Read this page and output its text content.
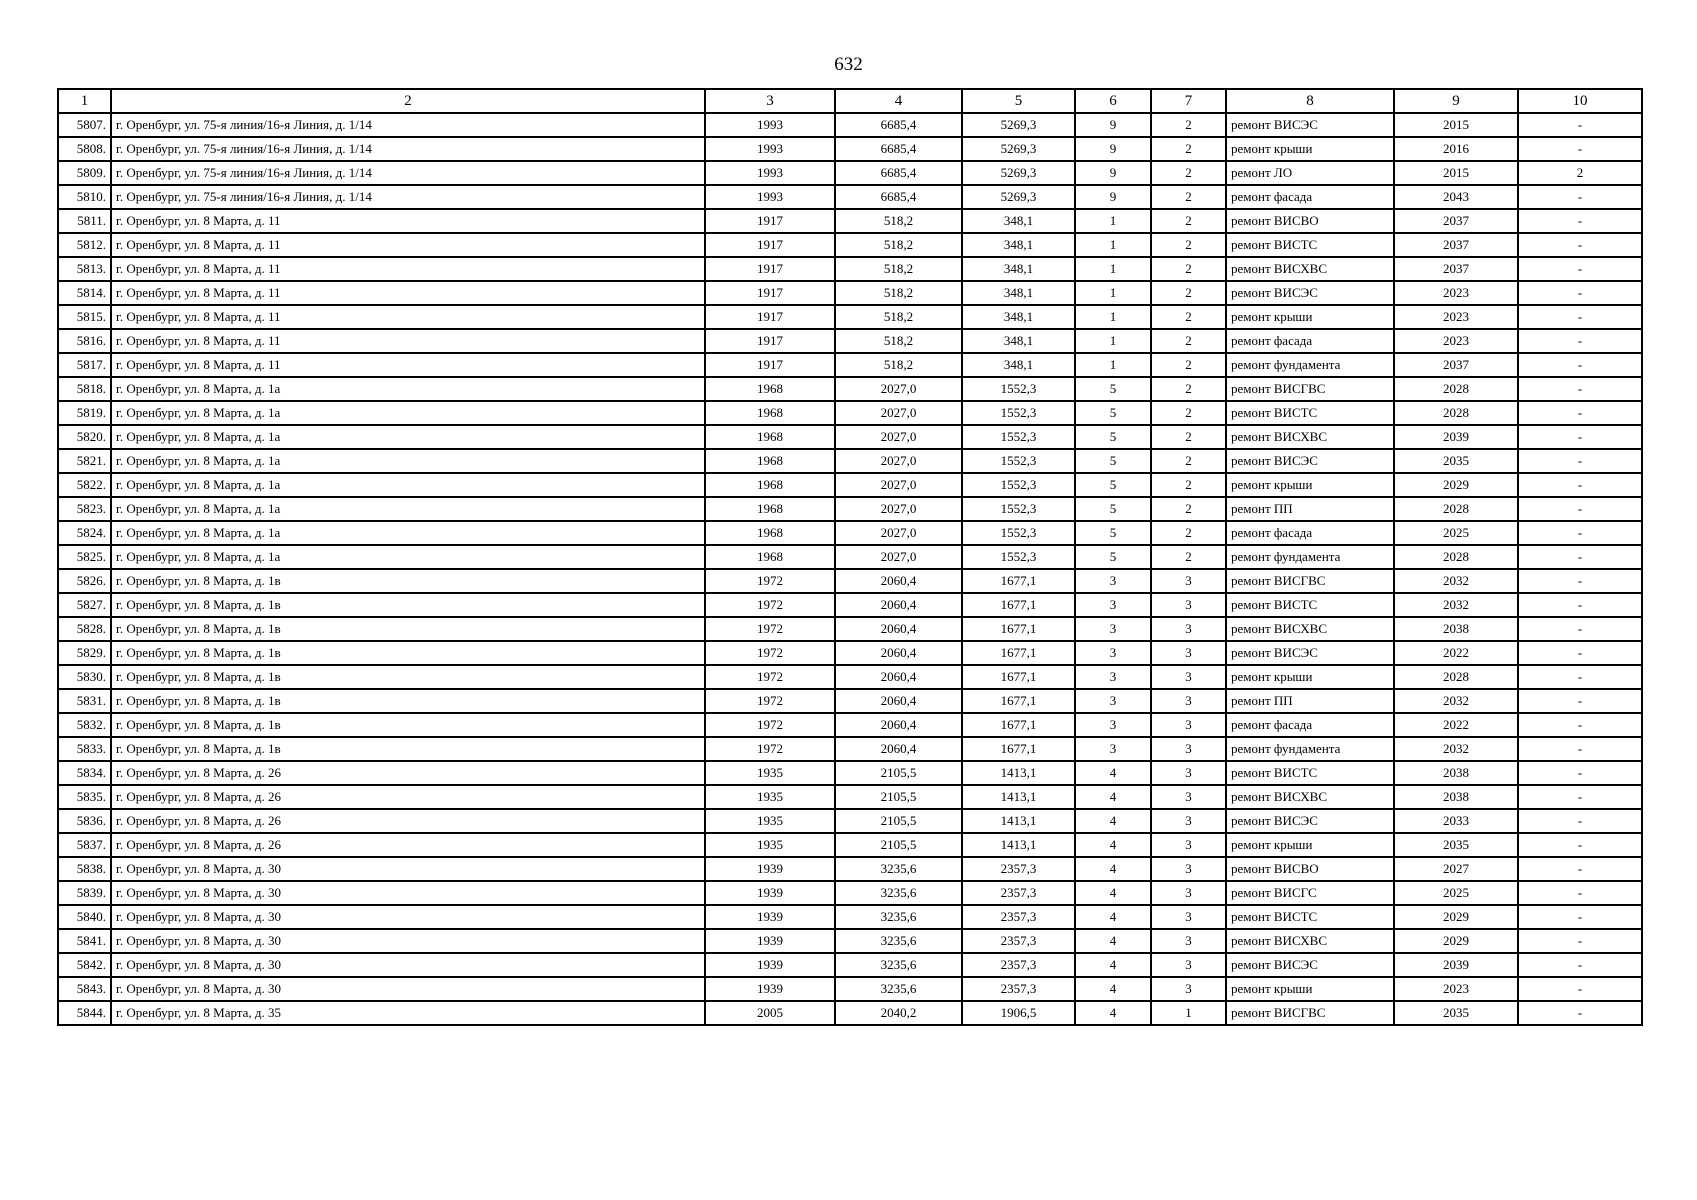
632
1	2	3	4	5	6	7	8	9	10
5807.	г. Оренбург, ул. 75-я линия/16-я Линия, д. 1/14	1993	6685,4	5269,3	9	2	ремонт ВИСЭС	2015	-
5808.	г. Оренбург, ул. 75-я линия/16-я Линия, д. 1/14	1993	6685,4	5269,3	9	2	ремонт крыши	2016	-
5809.	г. Оренбург, ул. 75-я линия/16-я Линия, д. 1/14	1993	6685,4	5269,3	9	2	ремонт ЛО	2015	2
5810.	г. Оренбург, ул. 75-я линия/16-я Линия, д. 1/14	1993	6685,4	5269,3	9	2	ремонт фасада	2043	-
5811.	г. Оренбург, ул. 8 Марта, д. 11	1917	518,2	348,1	1	2	ремонт ВИСВО	2037	-
5812.	г. Оренбург, ул. 8 Марта, д. 11	1917	518,2	348,1	1	2	ремонт ВИСТС	2037	-
5813.	г. Оренбург, ул. 8 Марта, д. 11	1917	518,2	348,1	1	2	ремонт ВИСХВС	2037	-
5814.	г. Оренбург, ул. 8 Марта, д. 11	1917	518,2	348,1	1	2	ремонт ВИСЭС	2023	-
5815.	г. Оренбург, ул. 8 Марта, д. 11	1917	518,2	348,1	1	2	ремонт крыши	2023	-
5816.	г. Оренбург, ул. 8 Марта, д. 11	1917	518,2	348,1	1	2	ремонт фасада	2023	-
5817.	г. Оренбург, ул. 8 Марта, д. 11	1917	518,2	348,1	1	2	ремонт фундамента	2037	-
5818.	г. Оренбург, ул. 8 Марта, д. 1а	1968	2027,0	1552,3	5	2	ремонт ВИСГВС	2028	-
5819.	г. Оренбург, ул. 8 Марта, д. 1а	1968	2027,0	1552,3	5	2	ремонт ВИСТС	2028	-
5820.	г. Оренбург, ул. 8 Марта, д. 1а	1968	2027,0	1552,3	5	2	ремонт ВИСХВС	2039	-
5821.	г. Оренбург, ул. 8 Марта, д. 1а	1968	2027,0	1552,3	5	2	ремонт ВИСЭС	2035	-
5822.	г. Оренбург, ул. 8 Марта, д. 1а	1968	2027,0	1552,3	5	2	ремонт крыши	2029	-
5823.	г. Оренбург, ул. 8 Марта, д. 1а	1968	2027,0	1552,3	5	2	ремонт ПП	2028	-
5824.	г. Оренбург, ул. 8 Марта, д. 1а	1968	2027,0	1552,3	5	2	ремонт фасада	2025	-
5825.	г. Оренбург, ул. 8 Марта, д. 1а	1968	2027,0	1552,3	5	2	ремонт фундамента	2028	-
5826.	г. Оренбург, ул. 8 Марта, д. 1в	1972	2060,4	1677,1	3	3	ремонт ВИСГВС	2032	-
5827.	г. Оренбург, ул. 8 Марта, д. 1в	1972	2060,4	1677,1	3	3	ремонт ВИСТС	2032	-
5828.	г. Оренбург, ул. 8 Марта, д. 1в	1972	2060,4	1677,1	3	3	ремонт ВИСХВС	2038	-
5829.	г. Оренбург, ул. 8 Марта, д. 1в	1972	2060,4	1677,1	3	3	ремонт ВИСЭС	2022	-
5830.	г. Оренбург, ул. 8 Марта, д. 1в	1972	2060,4	1677,1	3	3	ремонт крыши	2028	-
5831.	г. Оренбург, ул. 8 Марта, д. 1в	1972	2060,4	1677,1	3	3	ремонт ПП	2032	-
5832.	г. Оренбург, ул. 8 Марта, д. 1в	1972	2060,4	1677,1	3	3	ремонт фасада	2022	-
5833.	г. Оренбург, ул. 8 Марта, д. 1в	1972	2060,4	1677,1	3	3	ремонт фундамента	2032	-
5834.	г. Оренбург, ул. 8 Марта, д. 26	1935	2105,5	1413,1	4	3	ремонт ВИСТС	2038	-
5835.	г. Оренбург, ул. 8 Марта, д. 26	1935	2105,5	1413,1	4	3	ремонт ВИСХВС	2038	-
5836.	г. Оренбург, ул. 8 Марта, д. 26	1935	2105,5	1413,1	4	3	ремонт ВИСЭС	2033	-
5837.	г. Оренбург, ул. 8 Марта, д. 26	1935	2105,5	1413,1	4	3	ремонт крыши	2035	-
5838.	г. Оренбург, ул. 8 Марта, д. 30	1939	3235,6	2357,3	4	3	ремонт ВИСВО	2027	-
5839.	г. Оренбург, ул. 8 Марта, д. 30	1939	3235,6	2357,3	4	3	ремонт ВИСГС	2025	-
5840.	г. Оренбург, ул. 8 Марта, д. 30	1939	3235,6	2357,3	4	3	ремонт ВИСТС	2029	-
5841.	г. Оренбург, ул. 8 Марта, д. 30	1939	3235,6	2357,3	4	3	ремонт ВИСХВС	2029	-
5842.	г. Оренбург, ул. 8 Марта, д. 30	1939	3235,6	2357,3	4	3	ремонт ВИСЭС	2039	-
5843.	г. Оренбург, ул. 8 Марта, д. 30	1939	3235,6	2357,3	4	3	ремонт крыши	2023	-
5844.	г. Оренбург, ул. 8 Марта, д. 35	2005	2040,2	1906,5	4	1	ремонт ВИСГВС	2035	-
